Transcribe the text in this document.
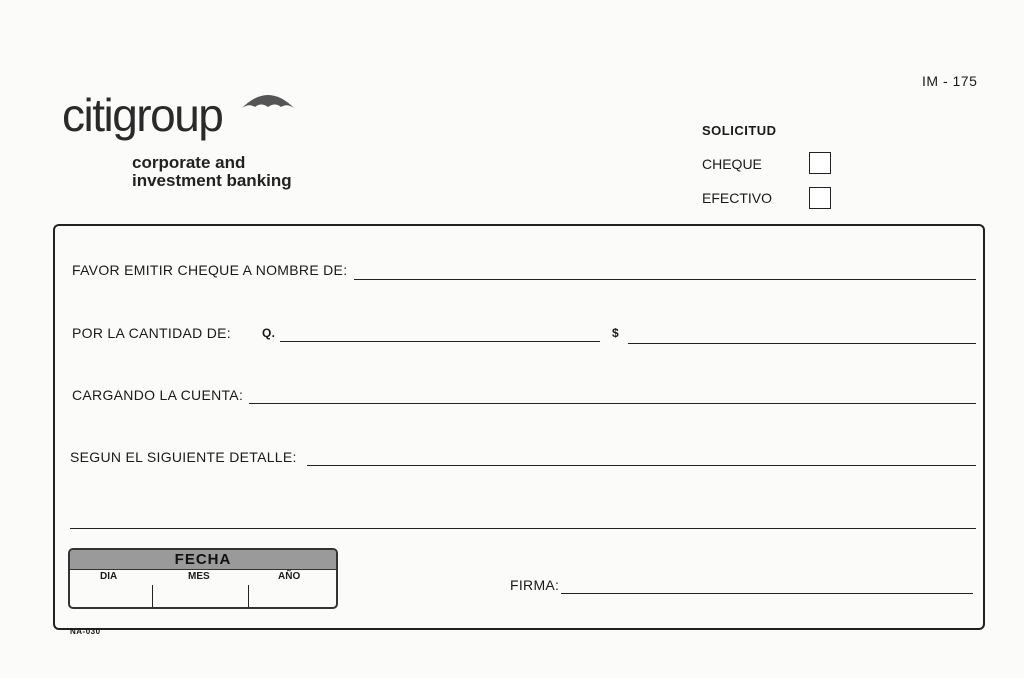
IM - 175
citigroup
corporate and
investment banking
SOLICITUD
CHEQUE
EFECTIVO
FAVOR EMITIR CHEQUE A NOMBRE DE:
POR LA CANTIDAD DE:	Q.	$
CARGANDO LA CUENTA:
SEGUN EL SIGUIENTE DETALLE:
FECHA
DIA	MES	AÑO
FIRMA:
NA-030
